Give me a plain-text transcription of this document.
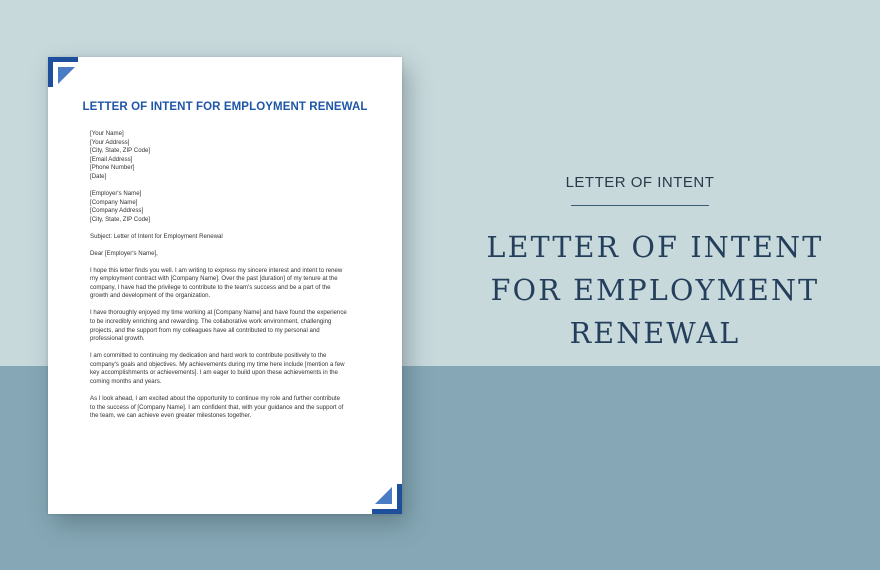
LETTER OF INTENT FOR EMPLOYMENT RENEWAL
[Your Name]
[Your Address]
[City, State, ZIP Code]
[Email Address]
[Phone Number]
[Date]
[Employer's Name]
[Company Name]
[Company Address]
[City, State, ZIP Code]
Subject: Letter of Intent for Employment Renewal
Dear [Employer's Name],

I hope this letter finds you well. I am writing to express my sincere interest and intent to renew
my employment contract with [Company Name]. Over the past [duration] of my tenure at the
company, I have had the privilege to contribute to the team's success and be a part of the
growth and development of the organization.

I have thoroughly enjoyed my time working at [Company Name] and have found the experience
to be incredibly enriching and rewarding. The collaborative work environment, challenging
projects, and the support from my colleagues have all contributed to my personal and
professional growth.

I am committed to continuing my dedication and hard work to contribute positively to the
company's goals and objectives. My achievements during my time here include [mention a few
key accomplishments or achievements]. I am eager to build upon these achievements in the
coming months and years.

As I look ahead, I am excited about the opportunity to continue my role and further contribute
to the success of [Company Name]. I am confident that, with your guidance and the support of
the team, we can achieve even greater milestones together.

LETTER OF INTENT
LETTER OF INTENT
FOR EMPLOYMENT
RENEWAL
